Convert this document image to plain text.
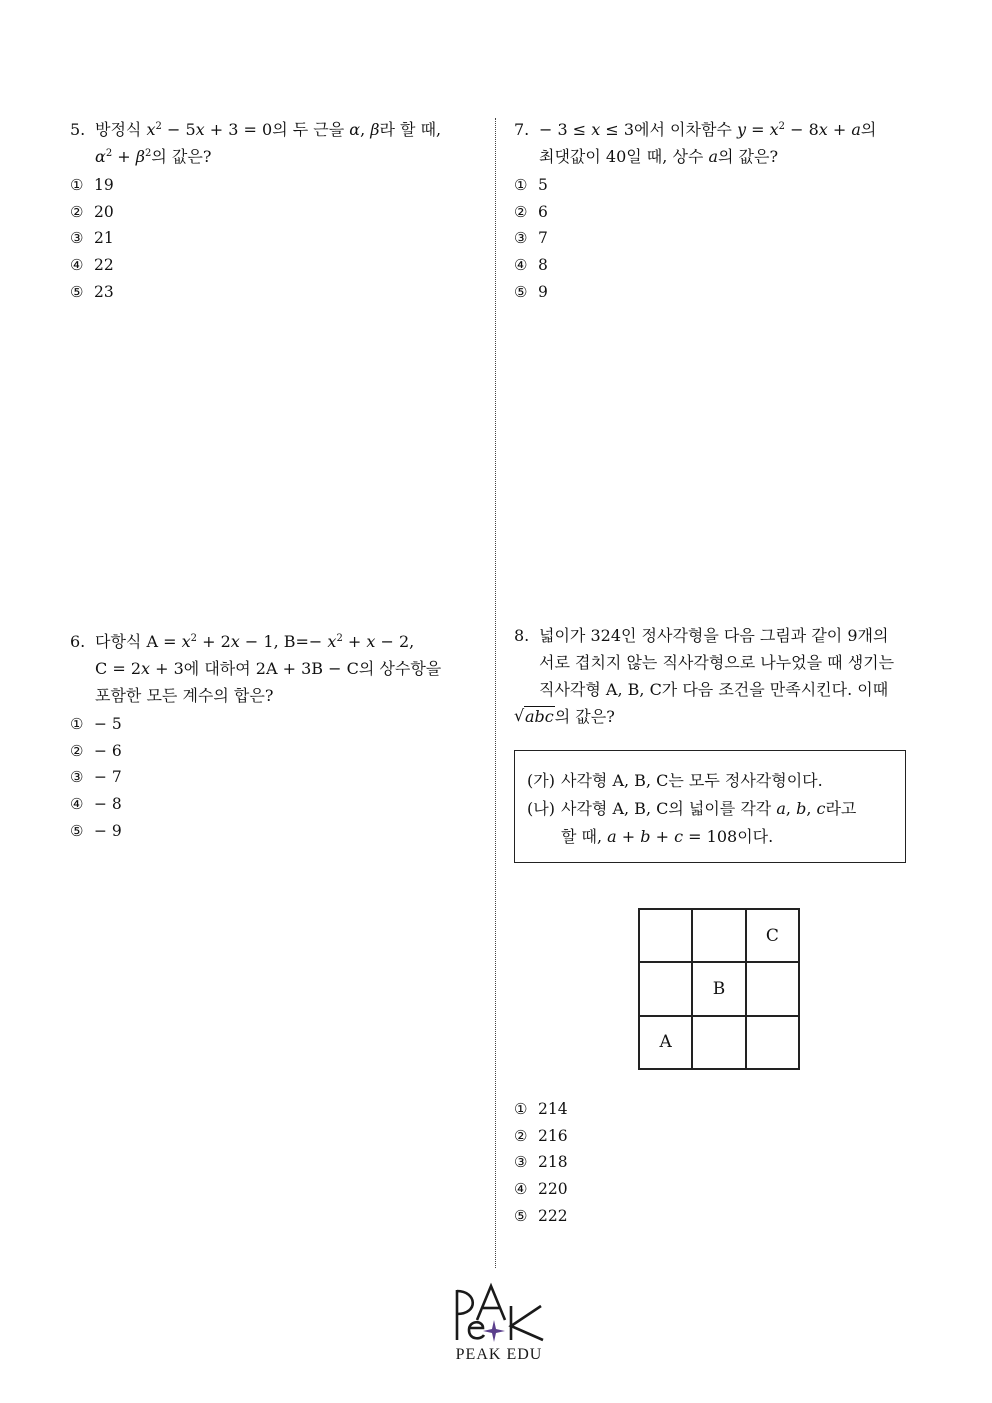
5. 방정식 $x^2 - 5x + 3 = 0$의 두 근을 α, β라 할 때,
$\alpha^2 + \beta^2$의 값은?
① 19
② 20
③ 21
④ 22
⑤ 23
6. 다항식 $A = x^2 + 2x - 1$, $B=- x^2 + x - 2$,
C = 2x + 3에 대하여 2A + 3B − C의 상수항을
포함한 모든 계수의 합은?
① − 5
② − 6
③ − 7
④ − 8
⑤ − 9
7. − 3 ≤ x ≤ 3에서 이차함수 $y = x^2 - 8x + a$의
최댓값이 40일 때, 상수 a의 값은?
① 5
② 6
③ 7
④ 8
⑤ 9
8. 넓이가 324인 정사각형을 다음 그림과 같이 9개의
서로 겹치지 않는 직사각형으로 나누었을 때 생기는
직사각형 A, B, C가 다음 조건을 만족시킨다. 이때

√ abc의 값은?
(가) 사각형 A, B, C는 모두 정사각형이다.
(나) 사각형 A, B, C의 넓이를 각각 a, b, c라고
할 때, a + b + c = 108이다.
C
B
A
① 214
② 216
③ 218
④ 220
⑤ 222
PEAK EDU
